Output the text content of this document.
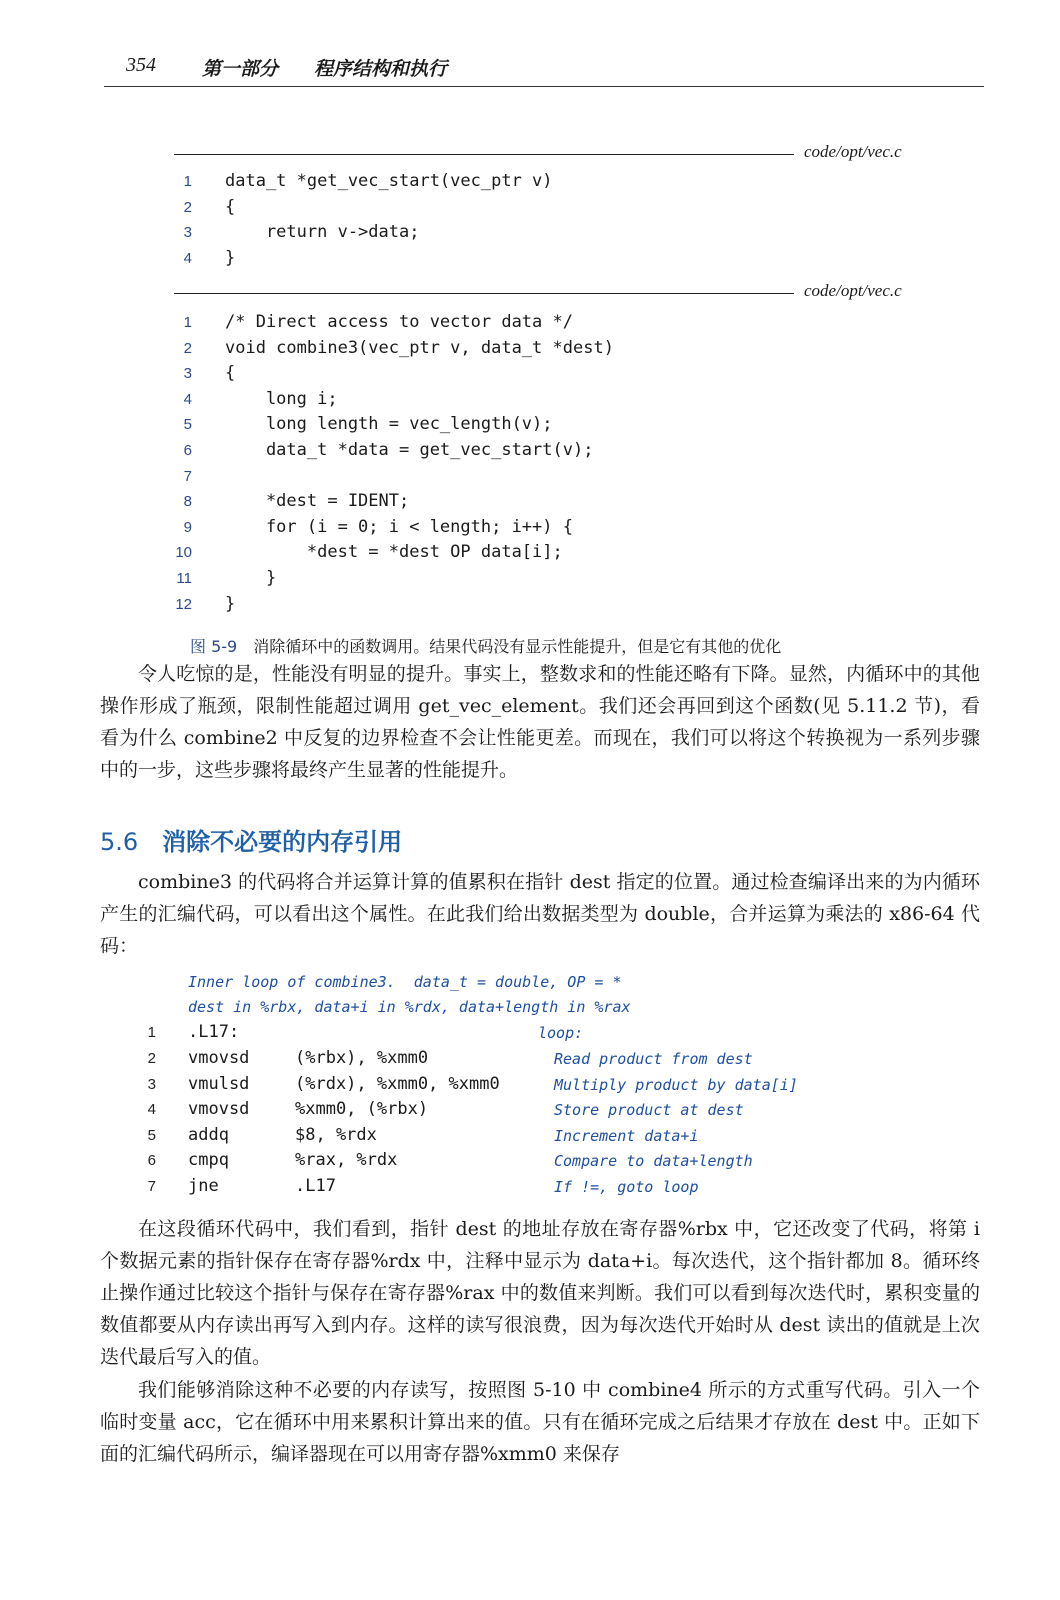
354 第一部分 程序结构和执行
code/opt/vec.c
1 data_t *get_vec_start(vec_ptr v)
2 {
3 return v->data;
4 }
code/opt/vec.c
1 /* Direct access to vector data */
2 void combine3(vec_ptr v, data_t *dest)
3 {
4 long i;
5 long length = vec_length(v);
6 data_t *data = get_vec_start(v);
7
8 *dest = IDENT;
9 for (i = 0; i < length; i++) {
10 *dest = *dest OP data[i];
11 }
12 }
图 5-9 消除循环中的函数调用。结果代码没有显示性能提升，但是它有其他的优化

令人吃惊的是，性能没有明显的提升。事实上，整数求和的性能还略有下降。显然，内循环中的其他操作形成了瓶颈，限制性能超过调用 get_vec_element。我们还会再回到这个函数(见 5.11.2 节)，看看为什么 combine2 中反复的边界检查不会让性能更差。而现在，我们可以将这个转换视为一系列步骤中的一步，这些步骤将最终产生显著的性能提升。

5.6 消除不必要的内存引用

combine3 的代码将合并运算计算的值累积在指针 dest 指定的位置。通过检查编译出来的为内循环产生的汇编代码，可以看出这个属性。在此我们给出数据类型为 double，合并运算为乘法的 x86-64 代码：

Inner loop of combine3.  data_t = double, OP = *
dest in %rbx, data+i in %rdx, data+length in %rax
1 .L17:	loop:
2 vmovsd	(%rbx), %xmm0	Read product from dest
3 vmulsd	(%rdx), %xmm0, %xmm0	Multiply product by data[i]
4 vmovsd	%xmm0, (%rbx)	Store product at dest
5 addq	$8, %rdx	Increment data+i
6 cmpq	%rax, %rdx	Compare to data+length
7 jne	.L17	If !=, goto loop

在这段循环代码中，我们看到，指针 dest 的地址存放在寄存器%rbx 中，它还改变了代码，将第 i 个数据元素的指针保存在寄存器%rdx 中，注释中显示为 data+i。每次迭代，这个指针都加 8。循环终止操作通过比较这个指针与保存在寄存器%rax 中的数值来判断。我们可以看到每次迭代时，累积变量的数值都要从内存读出再写入到内存。这样的读写很浪费，因为每次迭代开始时从 dest 读出的值就是上次迭代最后写入的值。

我们能够消除这种不必要的内存读写，按照图 5-10 中 combine4 所示的方式重写代码。引入一个临时变量 acc，它在循环中用来累积计算出来的值。只有在循环完成之后结果才存放在 dest 中。正如下面的汇编代码所示，编译器现在可以用寄存器%xmm0 来保存
